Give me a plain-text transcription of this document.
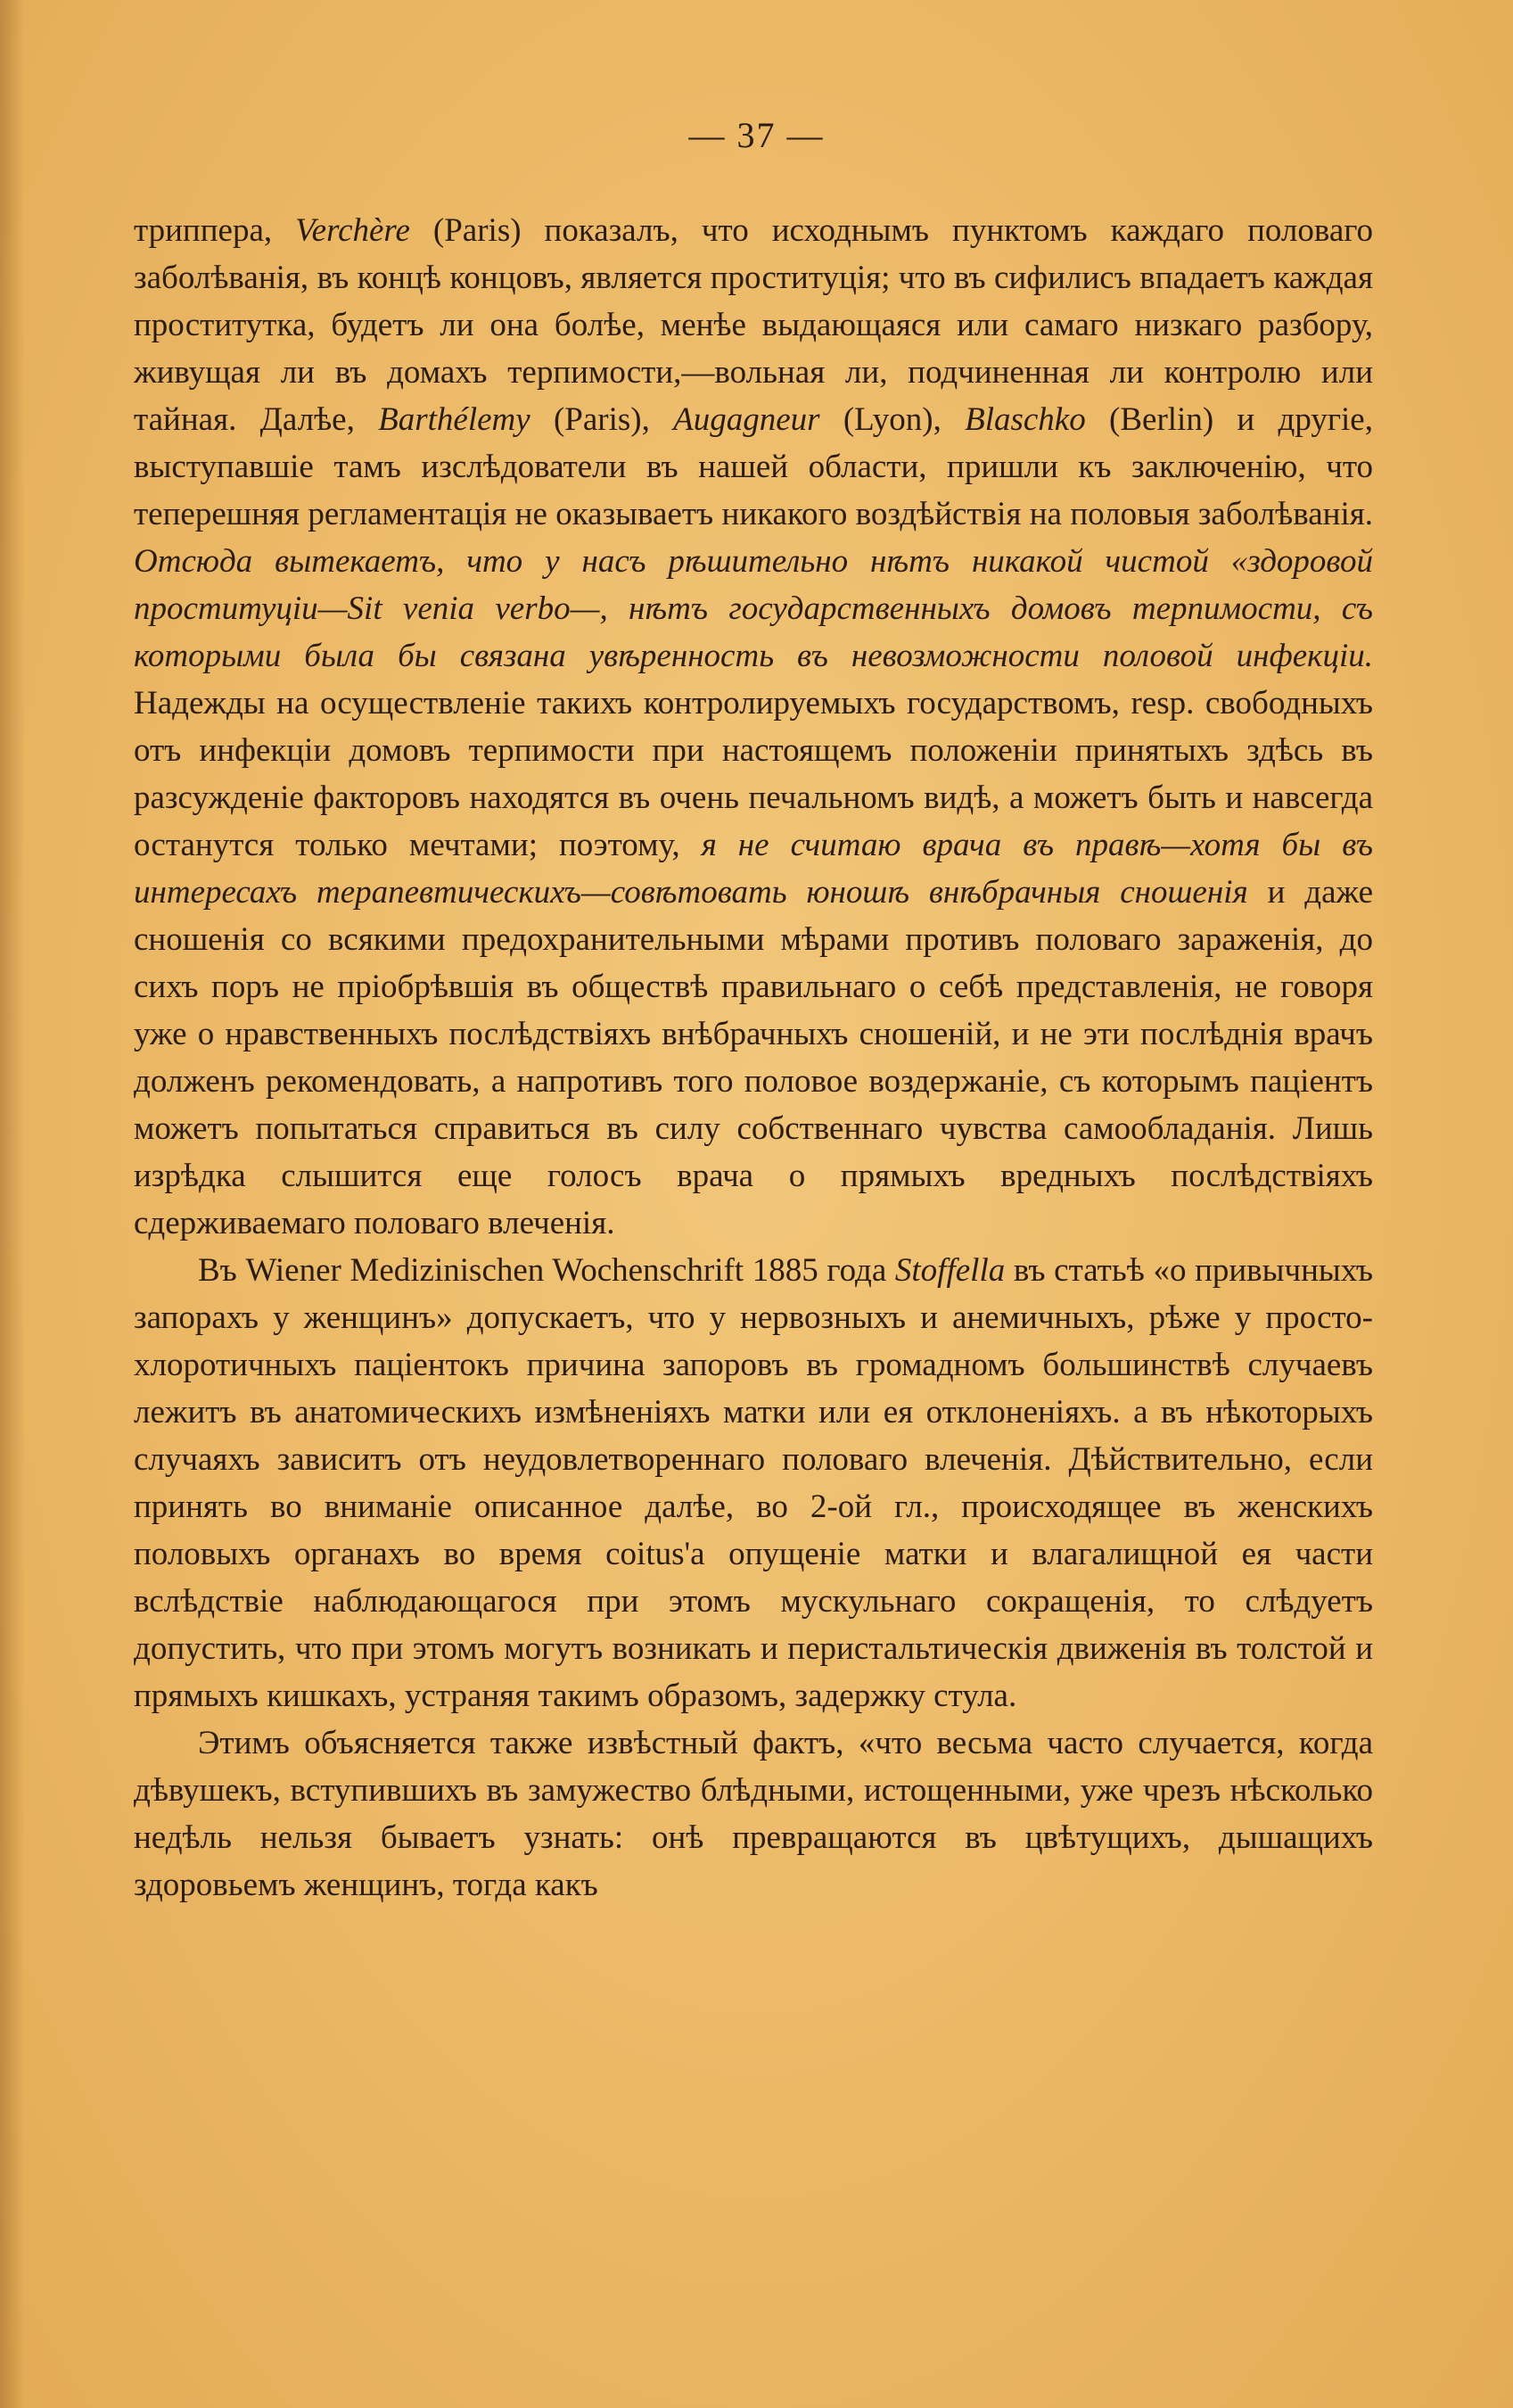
— 37 —

триппера, Verchère (Paris) показалъ, что исходнымъ пунктомъ каждаго половаго заболѣванія, въ концѣ концовъ, является проституція; что въ сифилисъ впадаетъ каждая проститутка, будетъ ли она болѣе, менѣе выдающаяся или самаго низкаго разбору, живущая ли въ домахъ терпимости,—вольная ли, подчиненная ли контролю или тайная. Далѣе, Barthélemy (Paris), Augagneur (Lyon), Blaschko (Berlin) и другіе, выступавшіе тамъ изслѣдователи въ нашей области, пришли къ заключенію, что теперешняя регламентація не оказываетъ никакого воздѣйствія на половыя заболѣванія. Отсюда вытекаетъ, что у насъ рѣшительно нѣтъ никакой чистой «здоровой проституціи—Sit venia verbo—, нѣтъ государственныхъ домовъ терпимости, съ которыми была бы связана увѣренность въ невозможности половой инфекціи. Надежды на осуществленіе такихъ контролируемыхъ государствомъ, resp. свободныхъ отъ инфекціи домовъ терпимости при настоящемъ положеніи принятыхъ здѣсь въ разсужденіе факторовъ находятся въ очень печальномъ видѣ, а можетъ быть и навсегда останутся только мечтами; поэтому, я не считаю врача въ правѣ—хотя бы въ интересахъ терапевтическихъ—совѣтовать юношѣ внѣбрачныя сношенія и даже сношенія со всякими предохранительными мѣрами противъ половаго зараженія, до сихъ поръ не пріобрѣвшія въ обществѣ правильнаго о себѣ представленія, не говоря уже о нравственныхъ послѣдствіяхъ внѣбрачныхъ сношеній, и не эти послѣднія врачъ долженъ рекомендовать, а напротивъ того половое воздержаніе, съ которымъ паціентъ можетъ попытаться справиться въ силу собственнаго чувства самообладанія. Лишь изрѣдка слышится еще голосъ врача о прямыхъ вредныхъ послѣдствіяхъ сдерживаемаго половаго влеченія.

Въ Wiener Medizinischen Wochenschrift 1885 года Stoffella въ статьѣ «о привычныхъ запорахъ у женщинъ» допускаетъ, что у нервозныхъ и анемичныхъ, рѣже у просто-хлоротичныхъ паціентокъ причина запоровъ въ громадномъ большинствѣ случаевъ лежитъ въ анатомическихъ измѣненіяхъ матки или ея отклоненіяхъ. а въ нѣкоторыхъ случаяхъ зависитъ отъ неудовлетвореннаго половаго влеченія. Дѣйствительно, если принять во вниманіе описанное далѣе, во 2-ой гл., происходящее въ женскихъ половыхъ органахъ во время coitus'а опущеніе матки и влагалищной ея части вслѣдствіе наблюдающагося при этомъ мускульнаго сокращенія, то слѣдуетъ допустить, что при этомъ могутъ возникать и перистальтическія движенія въ толстой и прямыхъ кишкахъ, устраняя такимъ образомъ, задержку стула.

Этимъ объясняется также извѣстный фактъ, «что весьма часто случается, когда дѣвушекъ, вступившихъ въ замужество блѣдными, истощенными, уже чрезъ нѣсколько недѣль нельзя бываетъ узнать: онѣ превращаются въ цвѣтущихъ, дышащихъ здоровьемъ женщинъ, тогда какъ
